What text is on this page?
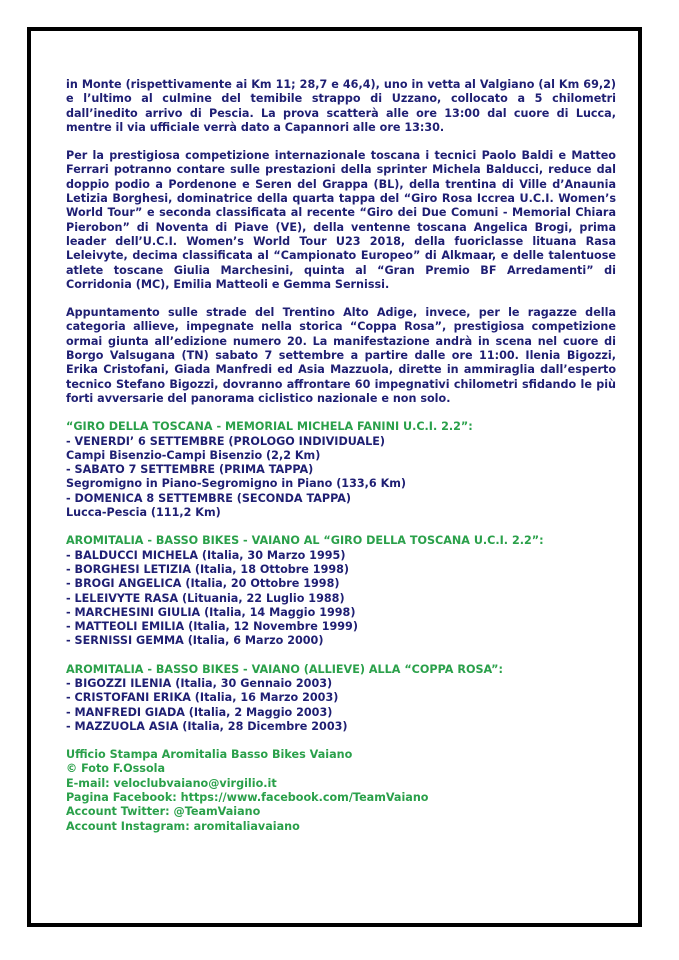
in Monte (rispettivamente ai Km 11; 28,7 e 46,4), uno in vetta al Valgiano (al Km 69,2) e l’ultimo al culmine del temibile strappo di Uzzano, collocato a 5 chilometri dall’inedito arrivo di Pescia. La prova scatterà alle ore 13:00 dal cuore di Lucca, mentre il via ufficiale verrà dato a Capannori alle ore 13:30.

Per la prestigiosa competizione internazionale toscana i tecnici Paolo Baldi e Matteo Ferrari potranno contare sulle prestazioni della sprinter Michela Balducci, reduce dal doppio podio a Pordenone e Seren del Grappa (BL), della trentina di Ville d’Anaunia Letizia Borghesi, dominatrice della quarta tappa del “Giro Rosa Iccrea U.C.I. Women’s World Tour” e seconda classificata al recente “Giro dei Due Comuni - Memorial Chiara Pierobon” di Noventa di Piave (VE), della ventenne toscana Angelica Brogi, prima leader dell’U.C.I. Women’s World Tour U23 2018, della fuoriclasse lituana Rasa Leleivyte, decima classificata al “Campionato Europeo” di Alkmaar, e delle talentuose atlete toscane Giulia Marchesini, quinta al “Gran Premio BF Arredamenti” di Corridonia (MC), Emilia Matteoli e Gemma Sernissi.

Appuntamento sulle strade del Trentino Alto Adige, invece, per le ragazze della categoria allieve, impegnate nella storica “Coppa Rosa”, prestigiosa competizione ormai giunta all’edizione numero 20. La manifestazione andrà in scena nel cuore di Borgo Valsugana (TN) sabato 7 settembre a partire dalle ore 11:00. Ilenia Bigozzi, Erika Cristofani, Giada Manfredi ed Asia Mazzuola, dirette in ammiraglia dall’esperto tecnico Stefano Bigozzi, dovranno affrontare 60 impegnativi chilometri sfidando le più forti avversarie del panorama ciclistico nazionale e non solo.

“GIRO DELLA TOSCANA - MEMORIAL MICHELA FANINI U.C.I. 2.2”:
- VENERDI’ 6 SETTEMBRE (PROLOGO INDIVIDUALE)
Campi Bisenzio-Campi Bisenzio (2,2 Km)
- SABATO 7 SETTEMBRE (PRIMA TAPPA)
Segromigno in Piano-Segromigno in Piano (133,6 Km)
- DOMENICA 8 SETTEMBRE (SECONDA TAPPA)
Lucca-Pescia (111,2 Km)
AROMITALIA - BASSO BIKES - VAIANO AL “GIRO DELLA TOSCANA U.C.I. 2.2”:
- BALDUCCI MICHELA (Italia, 30 Marzo 1995)
- BORGHESI LETIZIA (Italia, 18 Ottobre 1998)
- BROGI ANGELICA (Italia, 20 Ottobre 1998)
- LELEIVYTE RASA (Lituania, 22 Luglio 1988)
- MARCHESINI GIULIA (Italia, 14 Maggio 1998)
- MATTEOLI EMILIA (Italia, 12 Novembre 1999)
- SERNISSI GEMMA (Italia, 6 Marzo 2000)
AROMITALIA - BASSO BIKES - VAIANO (ALLIEVE) ALLA “COPPA ROSA”:
- BIGOZZI ILENIA (Italia, 30 Gennaio 2003)
- CRISTOFANI ERIKA (Italia, 16 Marzo 2003)
- MANFREDI GIADA (Italia, 2 Maggio 2003)
- MAZZUOLA ASIA (Italia, 28 Dicembre 2003)
Ufficio Stampa Aromitalia Basso Bikes Vaiano
© Foto F.Ossola
E-mail: veloclubvaiano@virgilio.it
Pagina Facebook: https://www.facebook.com/TeamVaiano
Account Twitter: @TeamVaiano
Account Instagram: aromitaliavaiano
